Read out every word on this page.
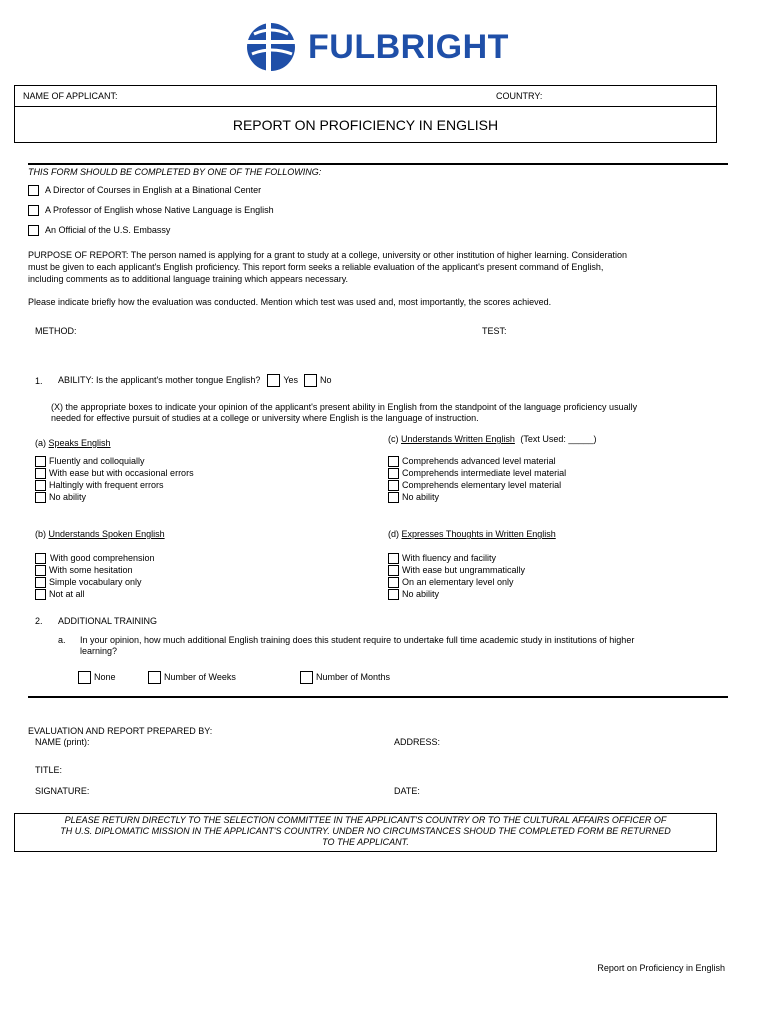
FULBRIGHT
NAME OF APPLICANT:	COUNTRY:
REPORT ON PROFICIENCY IN ENGLISH
THIS FORM SHOULD BE COMPLETED BY ONE OF THE FOLLOWING:
A Director of Courses in English at a Binational Center
A Professor of English whose Native Language is English
An Official of the U.S. Embassy
PURPOSE OF REPORT: The person named is applying for a grant to study at a college, university or other institution of higher learning. Consideration
must be given to each applicant's English proficiency. This report form seeks a reliable evaluation of the applicant's present command of English,
including comments as to additional language training which appears necessary.
Please indicate briefly how the evaluation was conducted. Mention which test was used and, most importantly, the scores achieved.
METHOD:	TEST:
1. ABILITY: Is the applicant's mother tongue English?	Yes No
(X) the appropriate boxes to indicate your opinion of the applicant's present ability in English from the standpoint of the language proficiency usually
needed for effective pursuit of studies at a college or university where English is the language of instruction.
(a) Speaks English
Fluently and colloquially
With ease but with occasional errors
Haltingly with frequent errors
No ability
(c) Understands Written English (Text Used: _____)
Comprehends advanced level material
Comprehends intermediate level material
Comprehends elementary level material
No ability
(b) Understands Spoken English
With good comprehension
With some hesitation
Simple vocabulary only
Not at all
(d) Expresses Thoughts in Written English
With fluency and facility
With ease but ungrammatically
On an elementary level only
No ability
2. ADDITIONAL TRAINING
a. In your opinion, how much additional English training does this student require to undertake full time academic study in institutions of higher
learning?
None	Number of Weeks	Number of Months
EVALUATION AND REPORT PREPARED BY:
NAME (print):	ADDRESS:
TITLE:
SIGNATURE:	DATE:
PLEASE RETURN DIRECTLY TO THE SELECTION COMMITTEE IN THE APPLICANT'S COUNTRY OR TO THE CULTURAL AFFAIRS OFFICER OF
TH U.S. DIPLOMATIC MISSION IN THE APPLICANT'S COUNTRY. UNDER NO CIRCUMSTANCES SHOUD THE COMPLETED FORM BE RETURNED
TO THE APPLICANT.
Report on Proficiency in English
